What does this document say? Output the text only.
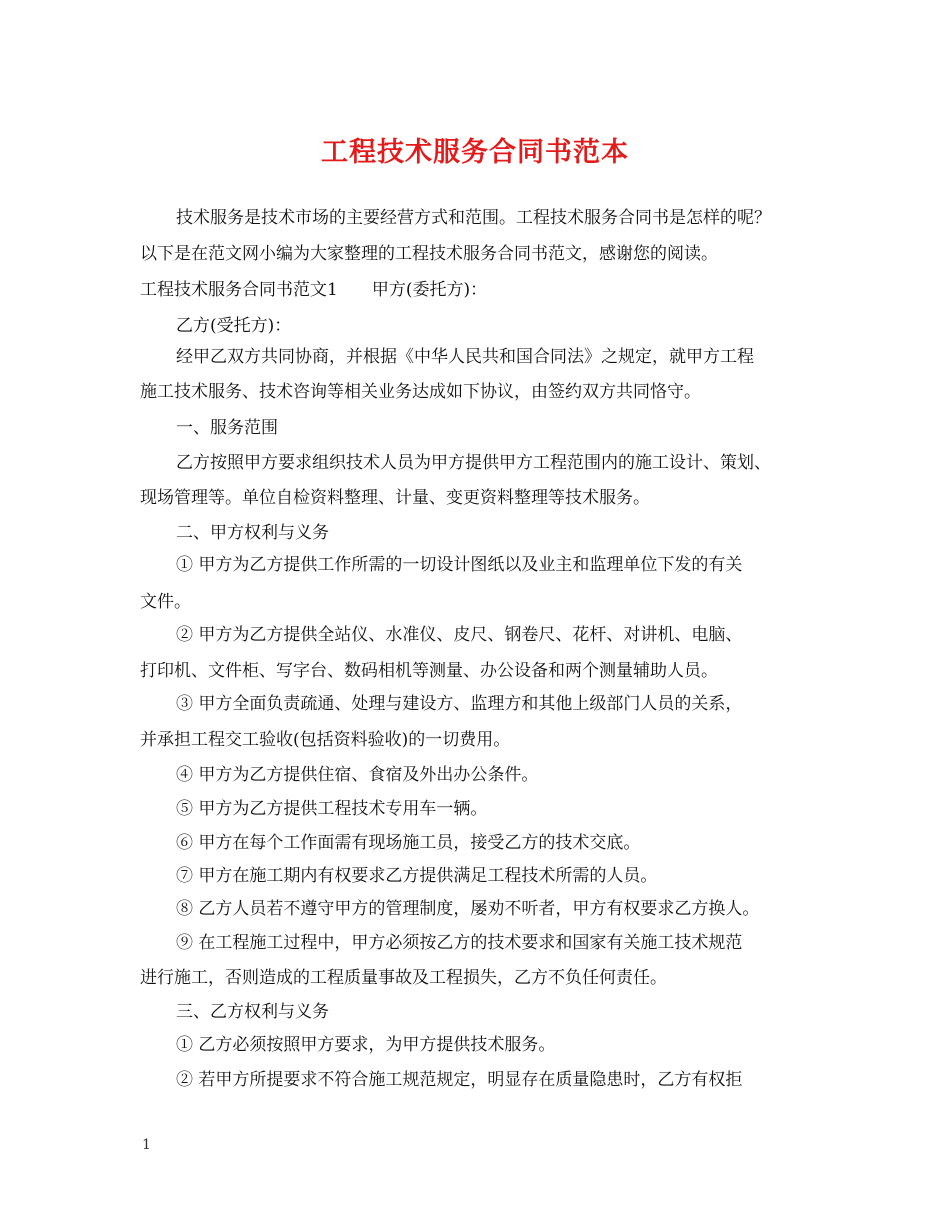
工程技术服务合同书范本
技术服务是技术市场的主要经营方式和范围。工程技术服务合同书是怎样的呢？
以下是在范文网小编为大家整理的工程技术服务合同书范文，感谢您的阅读。
工程技术服务合同书范文1　　甲方(委托方)：
乙方(受托方)：
经甲乙双方共同协商，并根据《中华人民共和国合同法》之规定，就甲方工程
施工技术服务、技术咨询等相关业务达成如下协议，由签约双方共同恪守。
一、服务范围
乙方按照甲方要求组织技术人员为甲方提供甲方工程范围内的施工设计、策划、
现场管理等。单位自检资料整理、计量、变更资料整理等技术服务。
二、甲方权利与义务
① 甲方为乙方提供工作所需的一切设计图纸以及业主和监理单位下发的有关
文件。
② 甲方为乙方提供全站仪、水准仪、皮尺、钢卷尺、花杆、对讲机、电脑、
打印机、文件柜、写字台、数码相机等测量、办公设备和两个测量辅助人员。
③ 甲方全面负责疏通、处理与建设方、监理方和其他上级部门人员的关系，
并承担工程交工验收(包括资料验收)的一切费用。
④ 甲方为乙方提供住宿、食宿及外出办公条件。
⑤ 甲方为乙方提供工程技术专用车一辆。
⑥ 甲方在每个工作面需有现场施工员，接受乙方的技术交底。
⑦ 甲方在施工期内有权要求乙方提供满足工程技术所需的人员。
⑧ 乙方人员若不遵守甲方的管理制度，屡劝不听者，甲方有权要求乙方换人。
⑨ 在工程施工过程中，甲方必须按乙方的技术要求和国家有关施工技术规范
进行施工，否则造成的工程质量事故及工程损失，乙方不负任何责任。
三、乙方权利与义务
① 乙方必须按照甲方要求，为甲方提供技术服务。
② 若甲方所提要求不符合施工规范规定，明显存在质量隐患时，乙方有权拒
1
